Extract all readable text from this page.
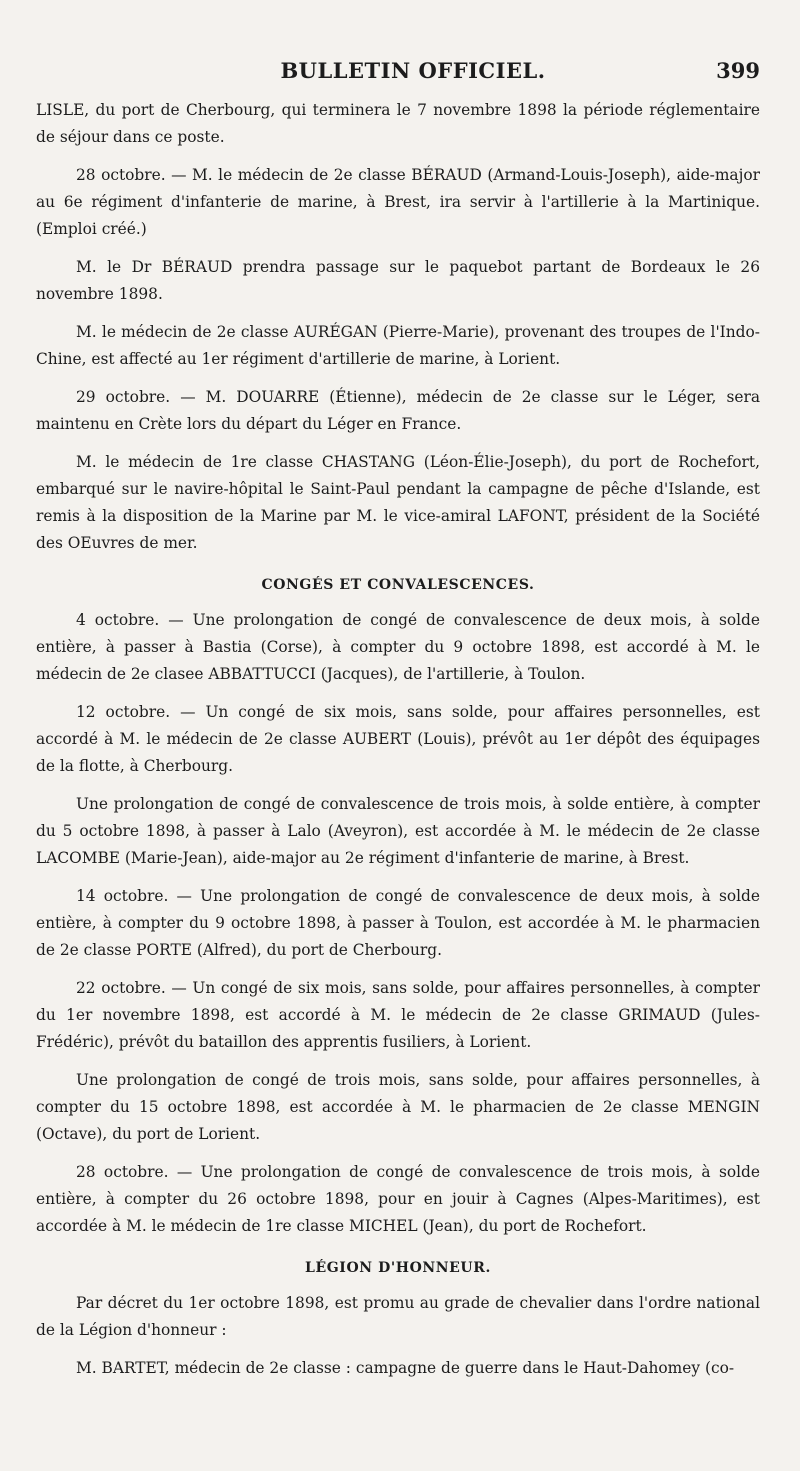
BULLETIN OFFICIEL.	399

LISLE, du port de Cherbourg, qui terminera le 7 novembre 1898 la période réglementaire de séjour dans ce poste.

28 octobre. — M. le médecin de 2e classe BÉRAUD (Armand-Louis-Joseph), aide-major au 6e régiment d'infanterie de marine, à Brest, ira servir à l'artillerie à la Martinique. (Emploi créé.)

M. le Dr BÉRAUD prendra passage sur le paquebot partant de Bordeaux le 26 novembre 1898.

M. le médecin de 2e classe AURÉGAN (Pierre-Marie), provenant des troupes de l'Indo-Chine, est affecté au 1er régiment d'artillerie de marine, à Lorient.

29 octobre. — M. DOUARRE (Étienne), médecin de 2e classe sur le Léger, sera maintenu en Crète lors du départ du Léger en France.

M. le médecin de 1re classe CHASTANG (Léon-Élie-Joseph), du port de Rochefort, embarqué sur le navire-hôpital le Saint-Paul pendant la campagne de pêche d'Islande, est remis à la disposition de la Marine par M. le vice-amiral LAFONT, président de la Société des OEuvres de mer.

CONGÉS ET CONVALESCENCES.

4 octobre. — Une prolongation de congé de convalescence de deux mois, à solde entière, à passer à Bastia (Corse), à compter du 9 octobre 1898, est accordé à M. le médecin de 2e clasee ABBATTUCCI (Jacques), de l'artillerie, à Toulon.

12 octobre. — Un congé de six mois, sans solde, pour affaires personnelles, est accordé à M. le médecin de 2e classe AUBERT (Louis), prévôt au 1er dépôt des équipages de la flotte, à Cherbourg.

Une prolongation de congé de convalescence de trois mois, à solde entière, à compter du 5 octobre 1898, à passer à Lalo (Aveyron), est accordée à M. le médecin de 2e classe LACOMBE (Marie-Jean), aide-major au 2e régiment d'infanterie de marine, à Brest.

14 octobre. — Une prolongation de congé de convalescence de deux mois, à solde entière, à compter du 9 octobre 1898, à passer à Toulon, est accordée à M. le pharmacien de 2e classe PORTE (Alfred), du port de Cherbourg.

22 octobre. — Un congé de six mois, sans solde, pour affaires personnelles, à compter du 1er novembre 1898, est accordé à M. le médecin de 2e classe GRIMAUD (Jules-Frédéric), prévôt du bataillon des apprentis fusiliers, à Lorient.

Une prolongation de congé de trois mois, sans solde, pour affaires personnelles, à compter du 15 octobre 1898, est accordée à M. le pharmacien de 2e classe MENGIN (Octave), du port de Lorient.

28 octobre. — Une prolongation de congé de convalescence de trois mois, à solde entière, à compter du 26 octobre 1898, pour en jouir à Cagnes (Alpes-Maritimes), est accordée à M. le médecin de 1re classe MICHEL (Jean), du port de Rochefort.

LÉGION D'HONNEUR.

Par décret du 1er octobre 1898, est promu au grade de chevalier dans l'ordre national de la Légion d'honneur :

M. BARTET, médecin de 2e classe : campagne de guerre dans le Haut-Dahomey (co-
